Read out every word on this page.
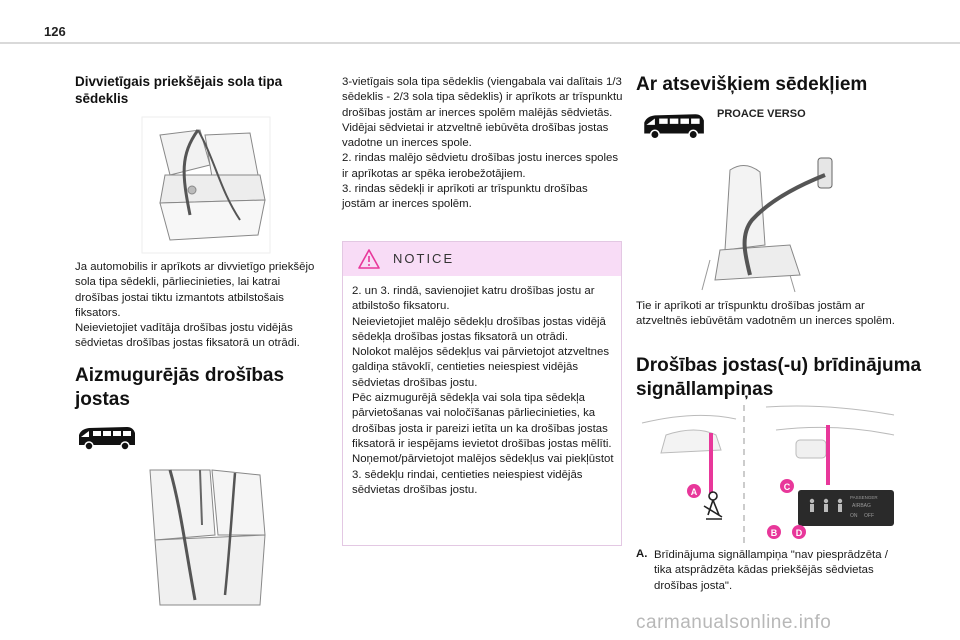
126
Divvietīgais priekšējais sola tipa sēdeklis
Ja automobilis ir aprīkots ar divvietīgo priekšējo sola tipa sēdekli, pārliecinieties, lai katrai drošības jostai tiktu izmantots atbilstošais fiksators.
Neievietojiet vadītāja drošības jostu vidējās sēdvietas drošības jostas fiksatorā un otrādi.
Aizmugurējās drošības jostas
3-vietīgais sola tipa sēdeklis (viengabala vai dalītais 1/3 sēdeklis - 2/3 sola tipa sēdeklis) ir aprīkots ar trīspunktu drošības jostām ar inerces spolēm malējās sēdvietās.
Vidējai sēdvietai ir atzveltnē iebūvēta drošības jostas vadotne un inerces spole.
2. rindas malējo sēdvietu drošības jostu inerces spoles ir aprīkotas ar spēka ierobežotājiem.
3. rindas sēdekļi ir aprīkoti ar trīspunktu drošības jostām ar inerces spolēm.
NOTICE
2. un 3. rindā, savienojiet katru drošības jostu ar atbilstošo fiksatoru.
Neievietojiet malējo sēdekļu drošības jostas vidējā sēdekļa drošības jostas fiksatorā un otrādi.
Nolokot malējos sēdekļus vai pārvietojot atzveltnes galdiņa stāvoklī, centieties neiespiest vidējās sēdvietas drošības jostu.
Pēc aizmugurējā sēdekļa vai sola tipa sēdekļa pārvietošanas vai noločīšanas pārliecinieties, ka drošības josta ir pareizi ietīta un ka drošības jostas fiksatorā ir iespējams ievietot drošības jostas mēlīti.
Noņemot/pārvietojot malējos sēdekļus vai piekļūstot 3. sēdekļu rindai, centieties neiespiest vidējās sēdvietas drošības jostu.
Ar atsevišķiem sēdekļiem
PROACE VERSO
Tie ir aprīkoti ar trīspunktu drošības jostām ar atzveltnēs iebūvētām vadotnēm un inerces spolēm.
Drošības jostas(-u) brīdinājuma signāllampiņas
PASSENGER
AIRBAG
ON OFF
A	C
B D
A. Brīdinājuma signāllampiņa "nav piesprādzēta / tika atsprādzēta kādas priekšējās sēdvietas drošības josta".
carmanualsonline.info
